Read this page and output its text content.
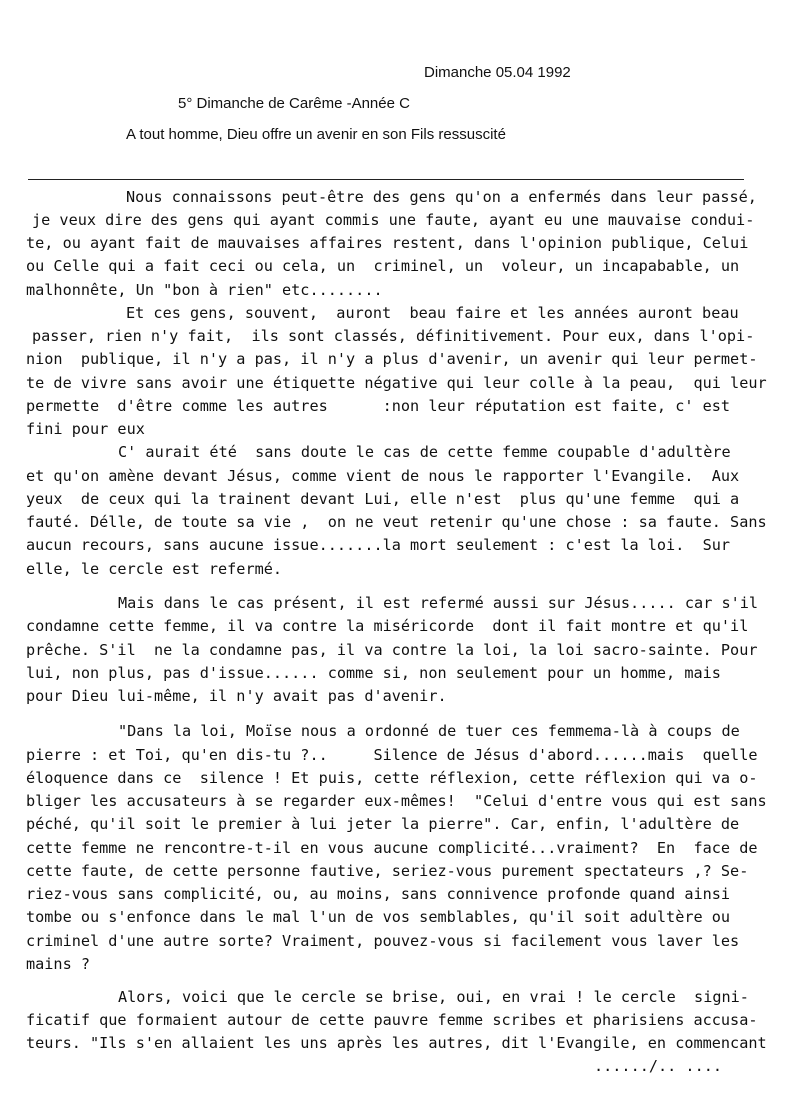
Dimanche 05.04 1992
5° Dimanche de Carême -Année C
A tout homme, Dieu offre un avenir en son Fils ressuscité
Nous connaissons peut-être des gens qu'on a enfermés dans leur passé,
je veux dire des gens qui ayant commis une faute, ayant eu une mauvaise condui-
te, ou ayant fait de mauvaises affaires restent, dans l'opinion publique, Celui
ou Celle qui a fait ceci ou cela, un  criminel, un  voleur, un incapabable, un
malhonnête, Un "bon à rien" etc........
Et ces gens, souvent,  auront  beau faire et les années auront beau
passer, rien n'y fait,  ils sont classés, définitivement. Pour eux, dans l'opi-
nion  publique, il n'y a pas, il n'y a plus d'avenir, un avenir qui leur permet-
te de vivre sans avoir une étiquette négative qui leur colle à la peau,  qui leur
permette  d'être comme les autres      :non leur réputation est faite, c' est
fini pour eux
C' aurait été  sans doute le cas de cette femme coupable d'adultère
et qu'on amène devant Jésus, comme vient de nous le rapporter l'Evangile.  Aux
yeux  de ceux qui la trainent devant Lui, elle n'est  plus qu'une femme  qui a
fauté. Délle, de toute sa vie ,  on ne veut retenir qu'une chose : sa faute. Sans
aucun recours, sans aucune issue.......la mort seulement : c'est la loi.  Sur
elle, le cercle est refermé.
Mais dans le cas présent, il est refermé aussi sur Jésus..... car s'il
condamne cette femme, il va contre la miséricorde  dont il fait montre et qu'il
prêche. S'il  ne la condamne pas, il va contre la loi, la loi sacro-sainte. Pour
lui, non plus, pas d'issue...... comme si, non seulement pour un homme, mais
pour Dieu lui-même, il n'y avait pas d'avenir.
"Dans la loi, Moïse nous a ordonné de tuer ces femmema-là à coups de
pierre : et Toi, qu'en dis-tu ?..     Silence de Jésus d'abord......mais  quelle
éloquence dans ce  silence ! Et puis, cette réflexion, cette réflexion qui va o-
bliger les accusateurs à se regarder eux-mêmes!  "Celui d'entre vous qui est sans
péché, qu'il soit le premier à lui jeter la pierre". Car, enfin, l'adultère de
cette femme ne rencontre-t-il en vous aucune complicité...vraiment?  En  face de
cette faute, de cette personne fautive, seriez-vous purement spectateurs ,? Se-
riez-vous sans complicité, ou, au moins, sans connivence profonde quand ainsi
tombe ou s'enfonce dans le mal l'un de vos semblables, qu'il soit adultère ou
criminel d'une autre sorte? Vraiment, pouvez-vous si facilement vous laver les
mains ?
Alors, voici que le cercle se brise, oui, en vrai ! le cercle  signi-
ficatif que formaient autour de cette pauvre femme scribes et pharisiens accusa-
teurs. "Ils s'en allaient les uns après les autres, dit l'Evangile, en commencant
....../.. ....
